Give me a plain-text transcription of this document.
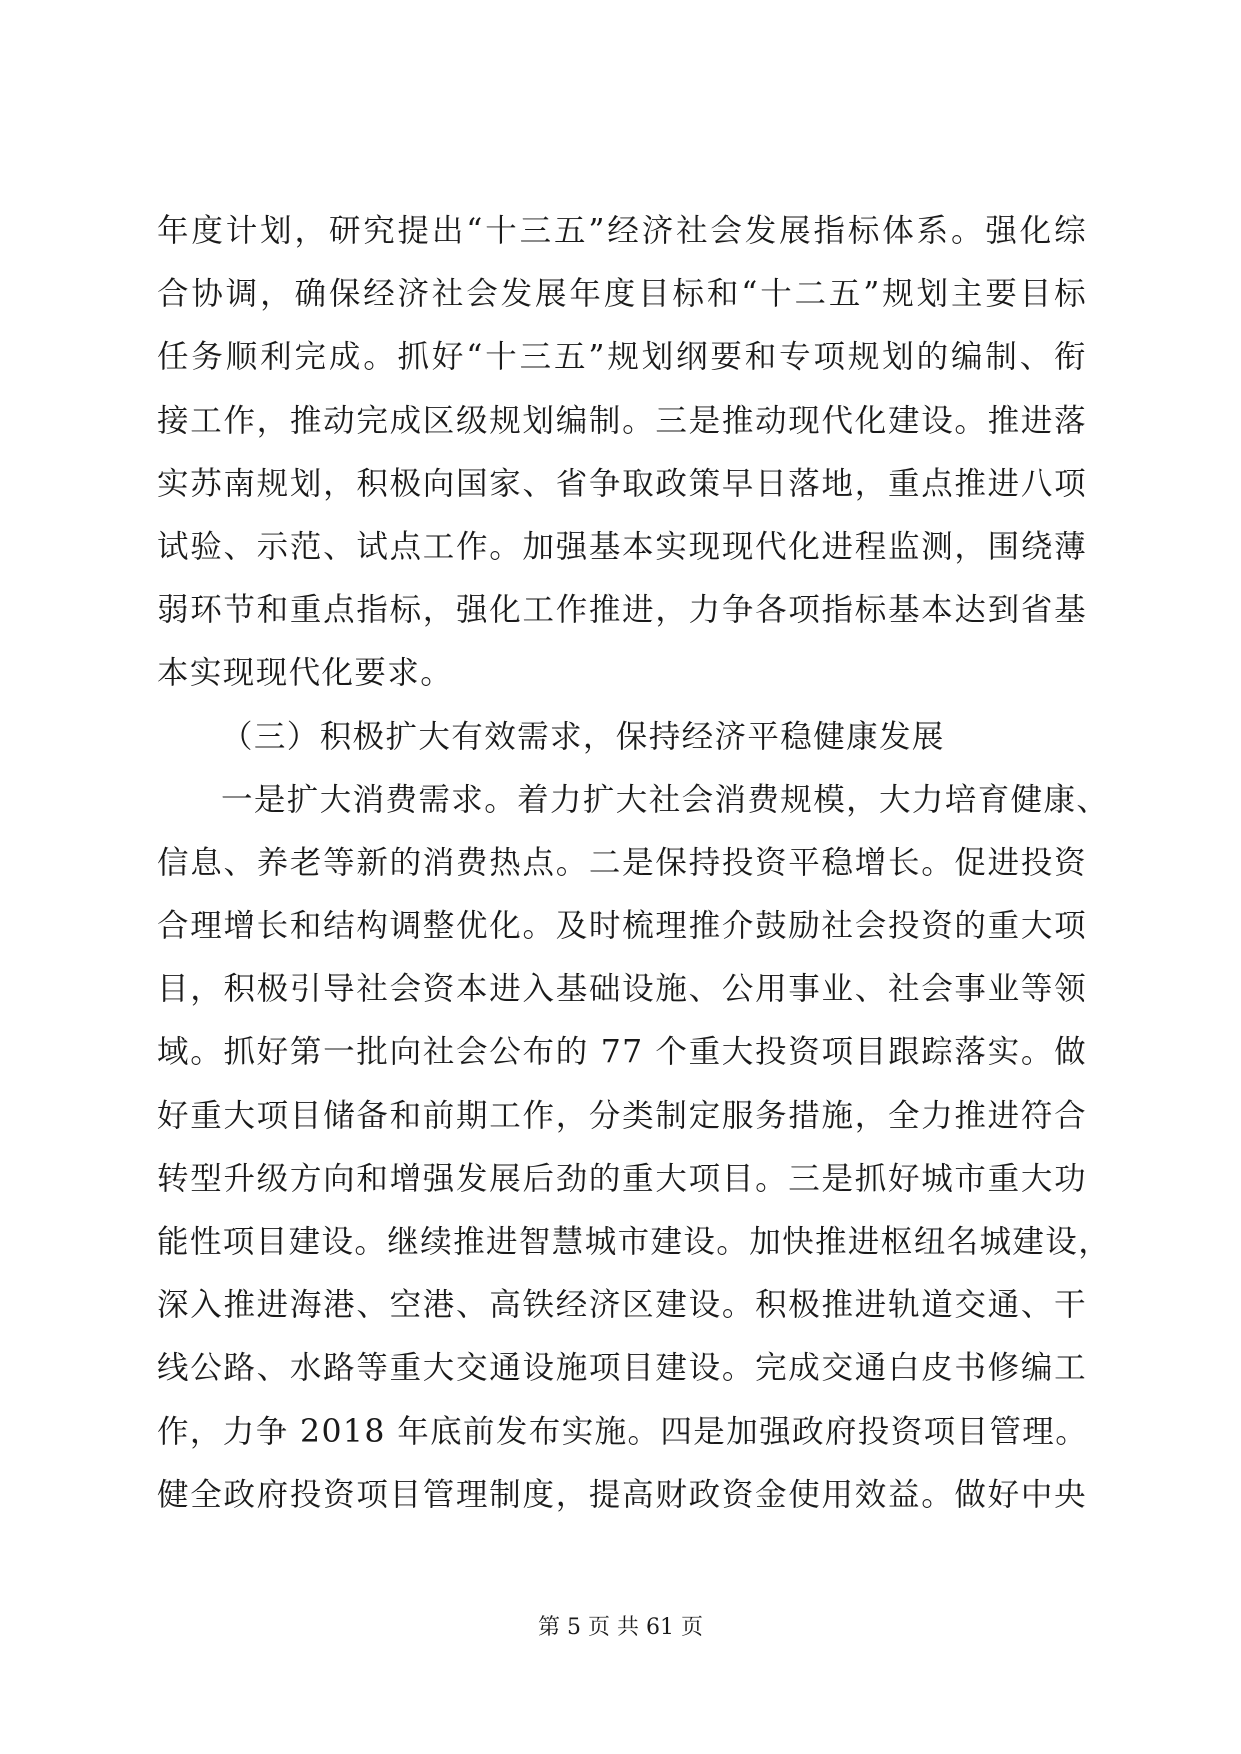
年度计划，研究提出“十三五”经济社会发展指标体系。强化综
合协调，确保经济社会发展年度目标和“十二五”规划主要目标
任务顺利完成。抓好“十三五”规划纲要和专项规划的编制、衔
接工作，推动完成区级规划编制。三是推动现代化建设。推进落
实苏南规划，积极向国家、省争取政策早日落地，重点推进八项
试验、示范、试点工作。加强基本实现现代化进程监测，围绕薄
弱环节和重点指标，强化工作推进，力争各项指标基本达到省基
本实现现代化要求。
（三）积极扩大有效需求，保持经济平稳健康发展
一是扩大消费需求。着力扩大社会消费规模，大力培育健康、
信息、养老等新的消费热点。二是保持投资平稳增长。促进投资
合理增长和结构调整优化。及时梳理推介鼓励社会投资的重大项
目，积极引导社会资本进入基础设施、公用事业、社会事业等领
域。抓好第一批向社会公布的 77 个重大投资项目跟踪落实。做
好重大项目储备和前期工作，分类制定服务措施，全力推进符合
转型升级方向和增强发展后劲的重大项目。三是抓好城市重大功
能性项目建设。继续推进智慧城市建设。加快推进枢纽名城建设，
深入推进海港、空港、高铁经济区建设。积极推进轨道交通、干
线公路、水路等重大交通设施项目建设。完成交通白皮书修编工
作，力争 2018 年底前发布实施。四是加强政府投资项目管理。
健全政府投资项目管理制度，提高财政资金使用效益。做好中央
第 5 页 共 61 页
